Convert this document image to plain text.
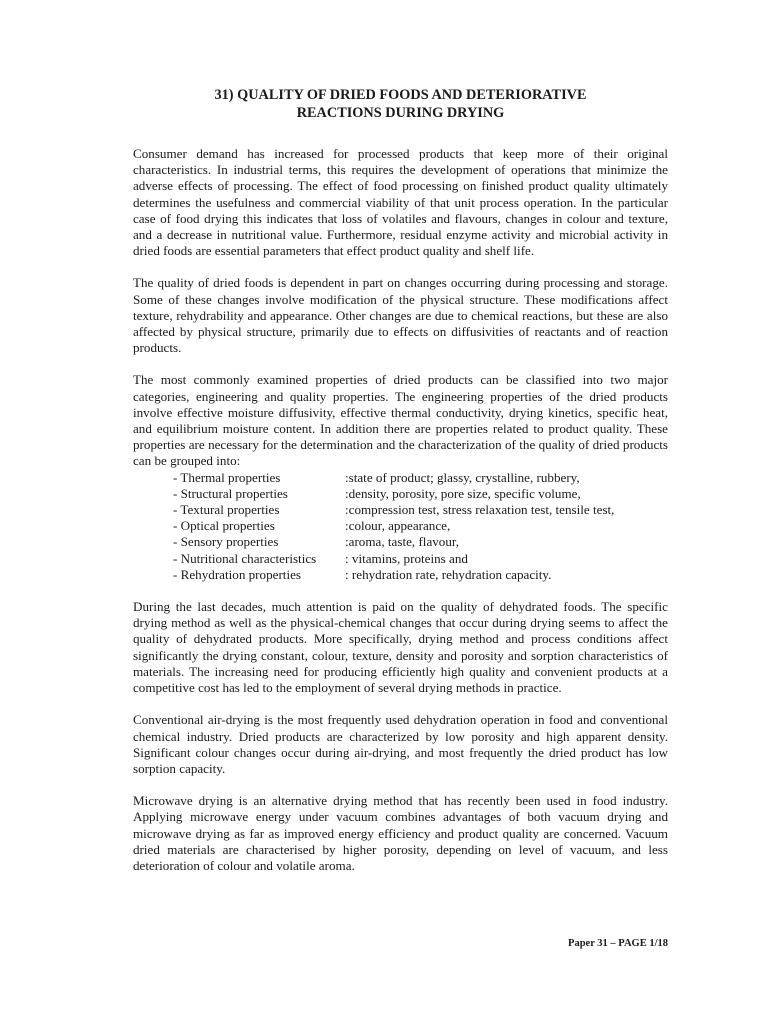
31) QUALITY OF DRIED FOODS AND DETERIORATIVE
REACTIONS DURING DRYING

Consumer demand has increased for processed products that keep more of their original characteristics. In industrial terms, this requires the development of operations that minimize the adverse effects of processing. The effect of food processing on finished product quality ultimately determines the usefulness and commercial viability of that unit process operation. In the particular case of food drying this indicates that loss of volatiles and flavours, changes in colour and texture, and a decrease in nutritional value. Furthermore, residual enzyme activity and microbial activity in dried foods are essential parameters that effect product quality and shelf life.

The quality of dried foods is dependent in part on changes occurring during processing and storage. Some of these changes involve modification of the physical structure. These modifications affect texture, rehydrability and appearance. Other changes are due to chemical reactions, but these are also affected by physical structure, primarily due to effects on diffusivities of reactants and of reaction products.

The most commonly examined properties of dried products can be classified into two major categories, engineering and quality properties. The engineering properties of the dried products involve effective moisture diffusivity, effective thermal conductivity, drying kinetics, specific heat, and equilibrium moisture content. In addition there are properties related to product quality. These properties are necessary for the determination and the characterization of the quality of dried products can be grouped into:

- Thermal properties	:state of product; glassy, crystalline, rubbery,
- Structural properties	:density, porosity, pore size, specific volume,
- Textural properties	:compression test, stress relaxation test, tensile test,
- Optical properties	:colour, appearance,
- Sensory properties	:aroma, taste, flavour,
- Nutritional characteristics	: vitamins, proteins and
- Rehydration properties	: rehydration rate, rehydration capacity.

During the last decades, much attention is paid on the quality of dehydrated foods. The specific drying method as well as the physical-chemical changes that occur during drying seems to affect the quality of dehydrated products. More specifically, drying method and process conditions affect significantly the drying constant, colour, texture, density and porosity and sorption characteristics of materials. The increasing need for producing efficiently high quality and convenient products at a competitive cost has led to the employment of several drying methods in practice.

Conventional air-drying is the most frequently used dehydration operation in food and conventional chemical industry. Dried products are characterized by low porosity and high apparent density. Significant colour changes occur during air-drying, and most frequently the dried product has low sorption capacity.

Microwave drying is an alternative drying method that has recently been used in food industry. Applying microwave energy under vacuum combines advantages of both vacuum drying and microwave drying as far as improved energy efficiency and product quality are concerned. Vacuum dried materials are characterised by higher porosity, depending on level of vacuum, and less deterioration of colour and volatile aroma.

Paper 31 – PAGE 1/18
